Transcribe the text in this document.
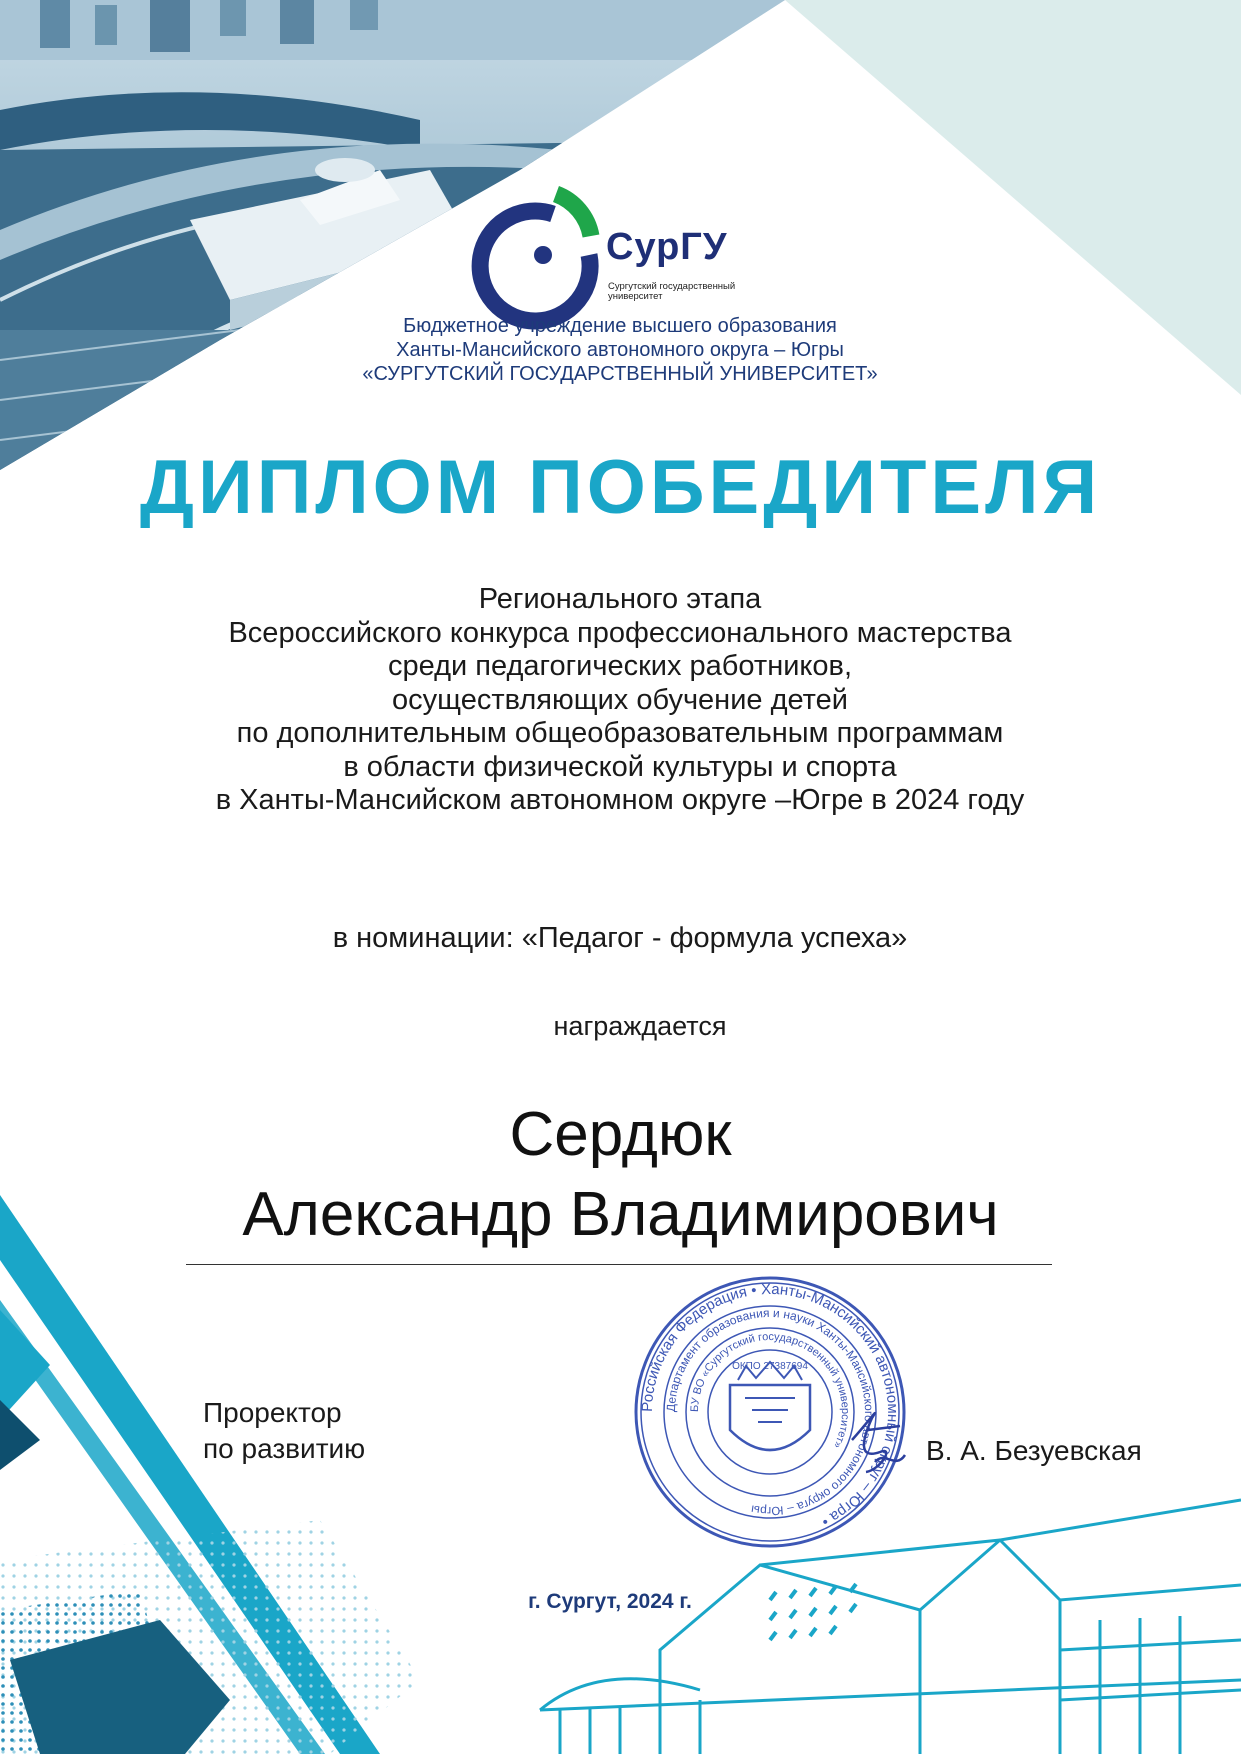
Российская Федерация • Ханты-Мансийский автономный округ – Югра •
Департамент образования и науки Ханты-Мансийского автономного округа – Югры
БУ ВО «Сургутский государственный университет»
ОКПО 27387694
СурГУ
Сургутский государственный университет
Бюджетное учреждение высшего образования
Ханты-Мансийского автономного округа – Югры
«СУРГУТСКИЙ ГОСУДАРСТВЕННЫЙ УНИВЕРСИТЕТ»
ДИПЛОМ ПОБЕДИТЕЛЯ
Регионального этапа
Всероссийского конкурса профессионального мастерства
среди педагогических работников,
осуществляющих обучение детей
по дополнительным общеобразовательным программам
в области физической культуры и спорта
в Ханты-Мансийском автономном округе –Югре в 2024 году
в номинации: «Педагог - формула успеха»
награждается
Сердюк
Александр Владимирович
Проректор
по развитию	В. А. Безуевская
г. Сургут, 2024 г.
